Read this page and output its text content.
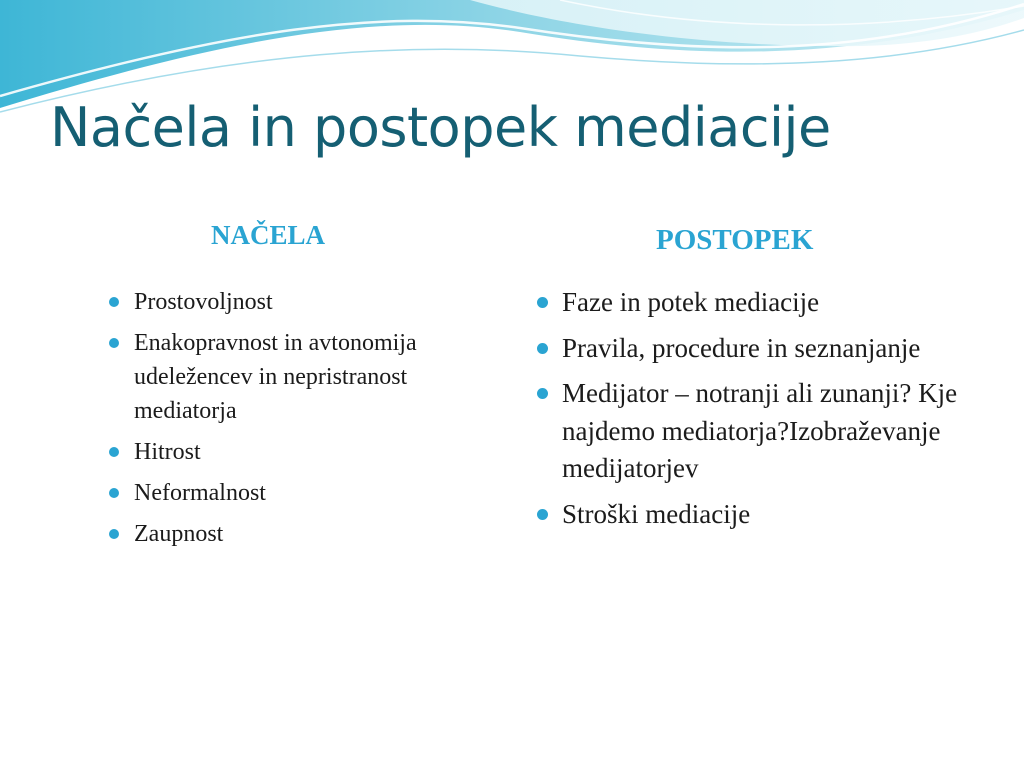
Načela in postopek mediacije
NAČELA	POSTOPEK
Prostovoljnost
Enakopravnost in avtonomija udeležencev in nepristranost mediatorja
Hitrost
Neformalnost
Zaupnost
Faze in potek mediacije
Pravila, procedure in seznanjanje
Medijator – notranji ali zunanji? Kje najdemo mediatorja?Izobraževanje medijatorjev
Stroški mediacije
